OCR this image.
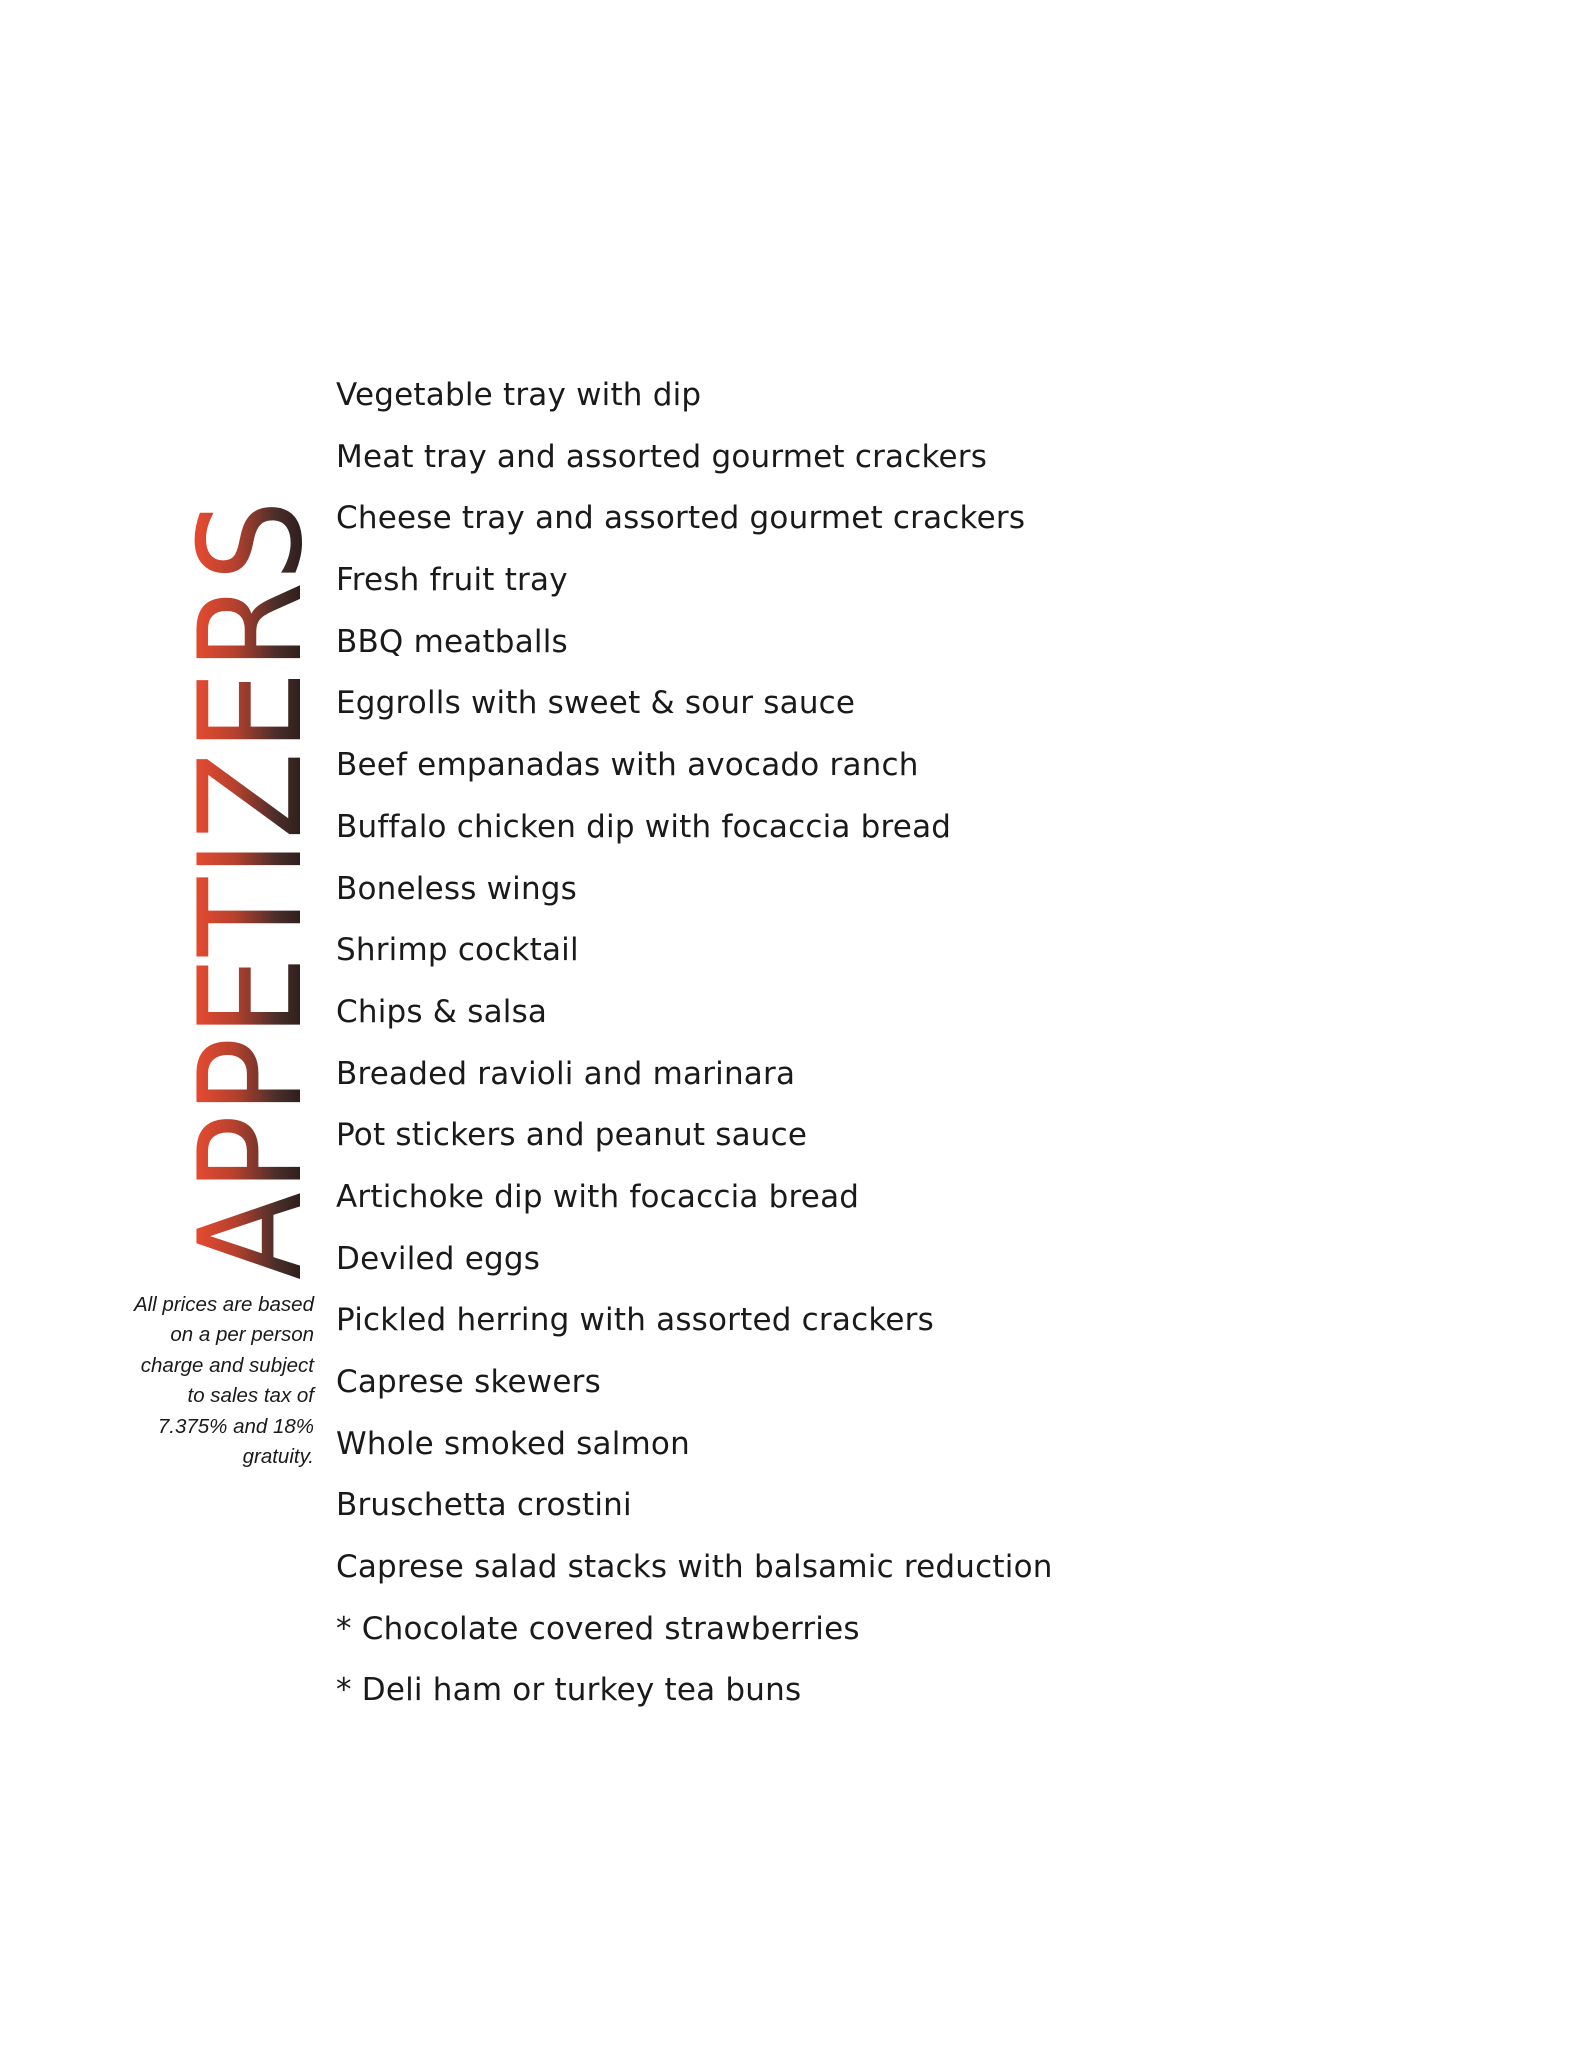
APPETIZERS
Vegetable tray with dip
Meat tray and assorted gourmet crackers
Cheese tray and assorted gourmet crackers
Fresh fruit tray
BBQ meatballs
Eggrolls with sweet & sour sauce
Beef empanadas with avocado ranch
Buffalo chicken dip with focaccia bread
Boneless wings
Shrimp cocktail
Chips & salsa
Breaded ravioli and marinara
Pot stickers and peanut sauce
Artichoke dip with focaccia bread
Deviled eggs
Pickled herring with assorted crackers
Caprese skewers
Whole smoked salmon
Bruschetta crostini
Caprese salad stacks with balsamic reduction
* Chocolate covered strawberries
* Deli ham or turkey tea buns

All prices are based
on a per person
charge and subject
to sales tax of
7.375% and 18%
gratuity.
